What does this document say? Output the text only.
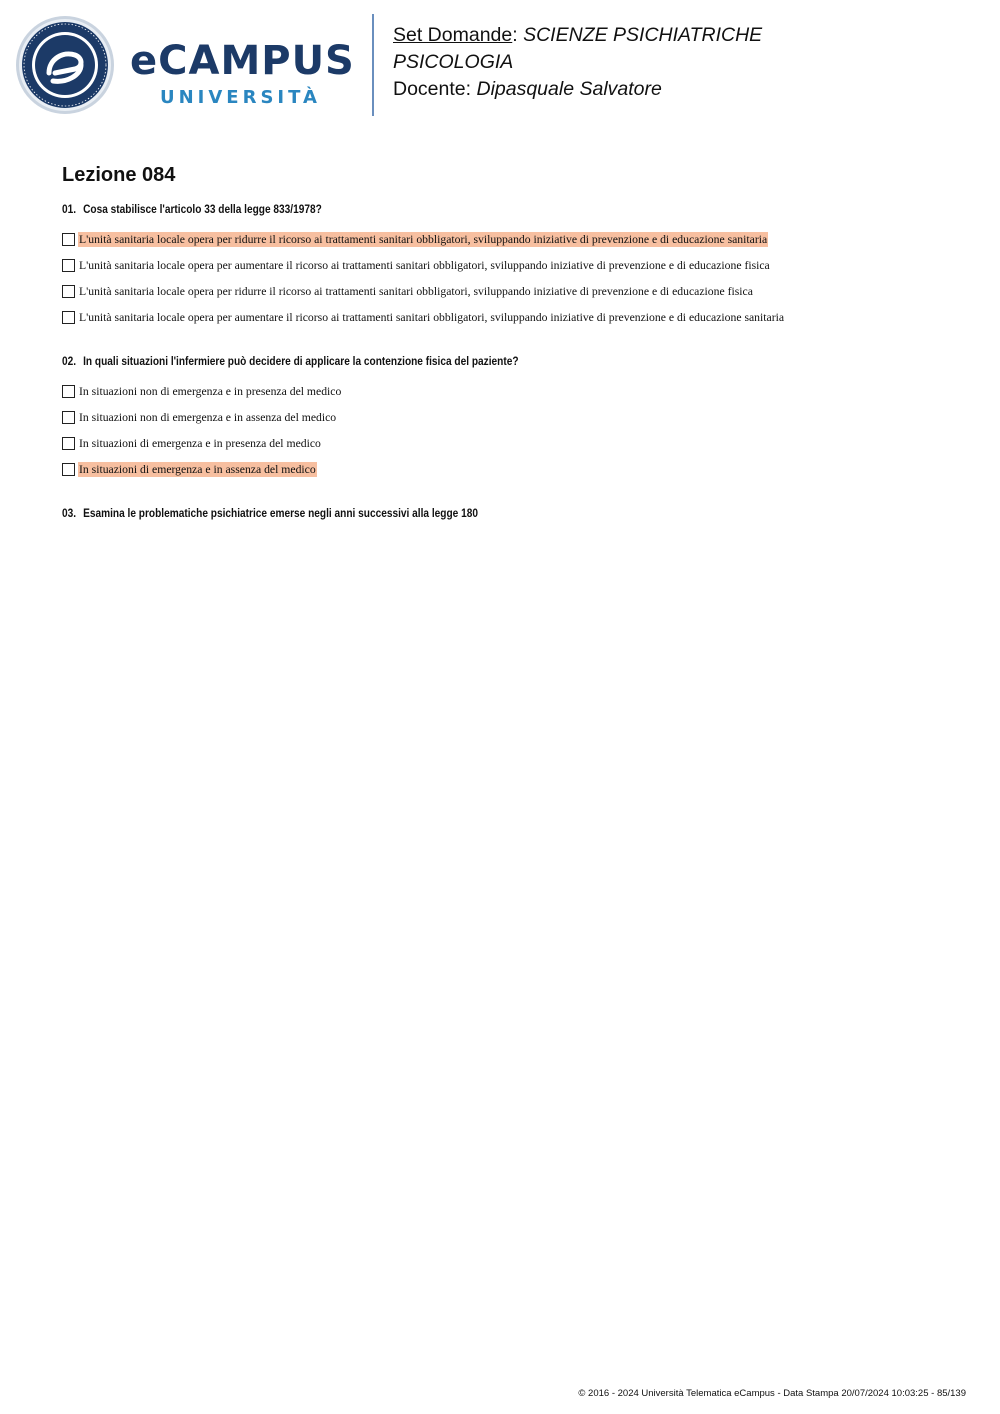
eCAMPUS
UNIVERSITÀ
Set Domande: SCIENZE PSICHIATRICHE
PSICOLOGIA
Docente: Dipasquale Salvatore
Lezione 084
01. Cosa stabilisce l'articolo 33 della legge 833/1978?
L'unità sanitaria locale opera per ridurre il ricorso ai trattamenti sanitari obbligatori, sviluppando iniziative di prevenzione e di educazione sanitaria
L'unità sanitaria locale opera per aumentare il ricorso ai trattamenti sanitari obbligatori, sviluppando iniziative di prevenzione e di educazione fisica
L'unità sanitaria locale opera per ridurre il ricorso ai trattamenti sanitari obbligatori, sviluppando iniziative di prevenzione e di educazione fisica
L'unità sanitaria locale opera per aumentare il ricorso ai trattamenti sanitari obbligatori, sviluppando iniziative di prevenzione e di educazione sanitaria
02. In quali situazioni l'infermiere può decidere di applicare la contenzione fisica del paziente?
In situazioni non di emergenza e in presenza del medico
In situazioni non di emergenza e in assenza del medico
In situazioni di emergenza e in presenza del medico
In situazioni di emergenza e in assenza del medico
03. Esamina le problematiche psichiatrice emerse negli anni successivi alla legge 180
© 2016 - 2024 Università Telematica eCampus - Data Stampa 20/07/2024 10:03:25 - 85/139
